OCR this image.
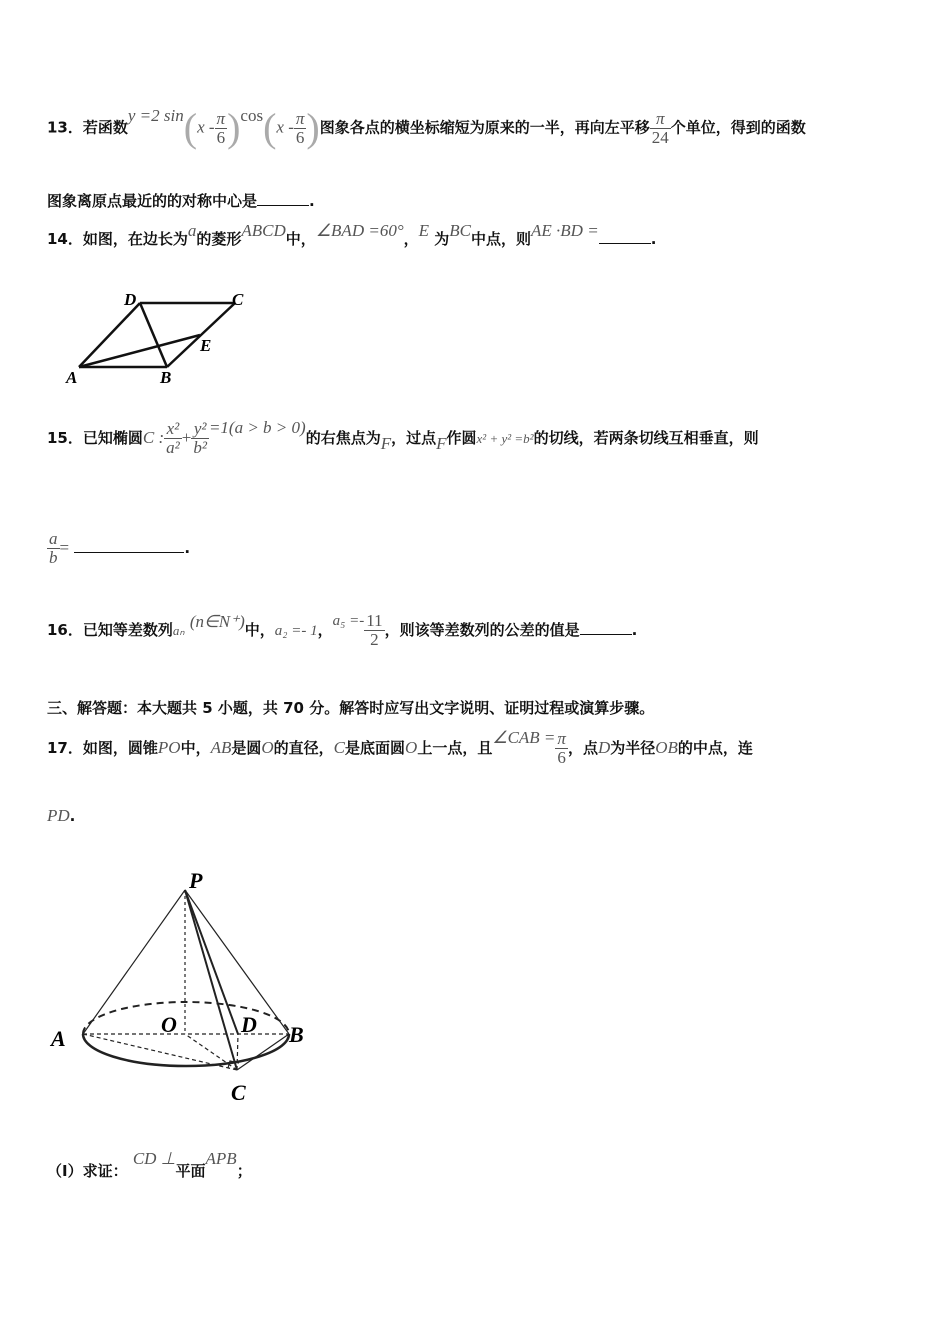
13．若函数y =2 $\sin(x - \frac{\pi}{6} )\cos(x - \frac{\pi}{6}$ )图象各点的横坐标缩短为原来的一半，再向左平移 $\frac{\pi}{24}$ 个单位，得到的函数
图象离原点最近的的对称中心是	.
14．如图，在边长为a的菱形ABCD中，∠BAD =60°，E 为BC中点，则AE ·BD =	.
D	C
E
A	B
15．已知椭圆C : $\frac{\text{x²}}{\text{a²}} + \frac{\text{y²}}{\text{b²}} =1(a > b > 0)$的右焦点为F，过点F作圆x² + y² =b²的切线，若两条切线互相垂直，则
$\frac{a}{b}$ =	.
16．已知等差数列aₙ (n∈N⁺)中，a₂ =- 1，$a_5 =- \frac{11}{2}$ ，则该等差数列的公差的值是	.
三、解答题：本大题共 5 小题，共 70 分。解答时应写出文字说明、证明过程或演算步骤。
17．如图，圆锥PO中，AB是圆O的直径，C是底面圆O上一点，且∠CAB = $\frac{\pi}{6}$ ，点D为半径OB的中点，连
PD.
P
A
O	D B
C
（Ⅰ）求证： CD ⊥平面APB；
